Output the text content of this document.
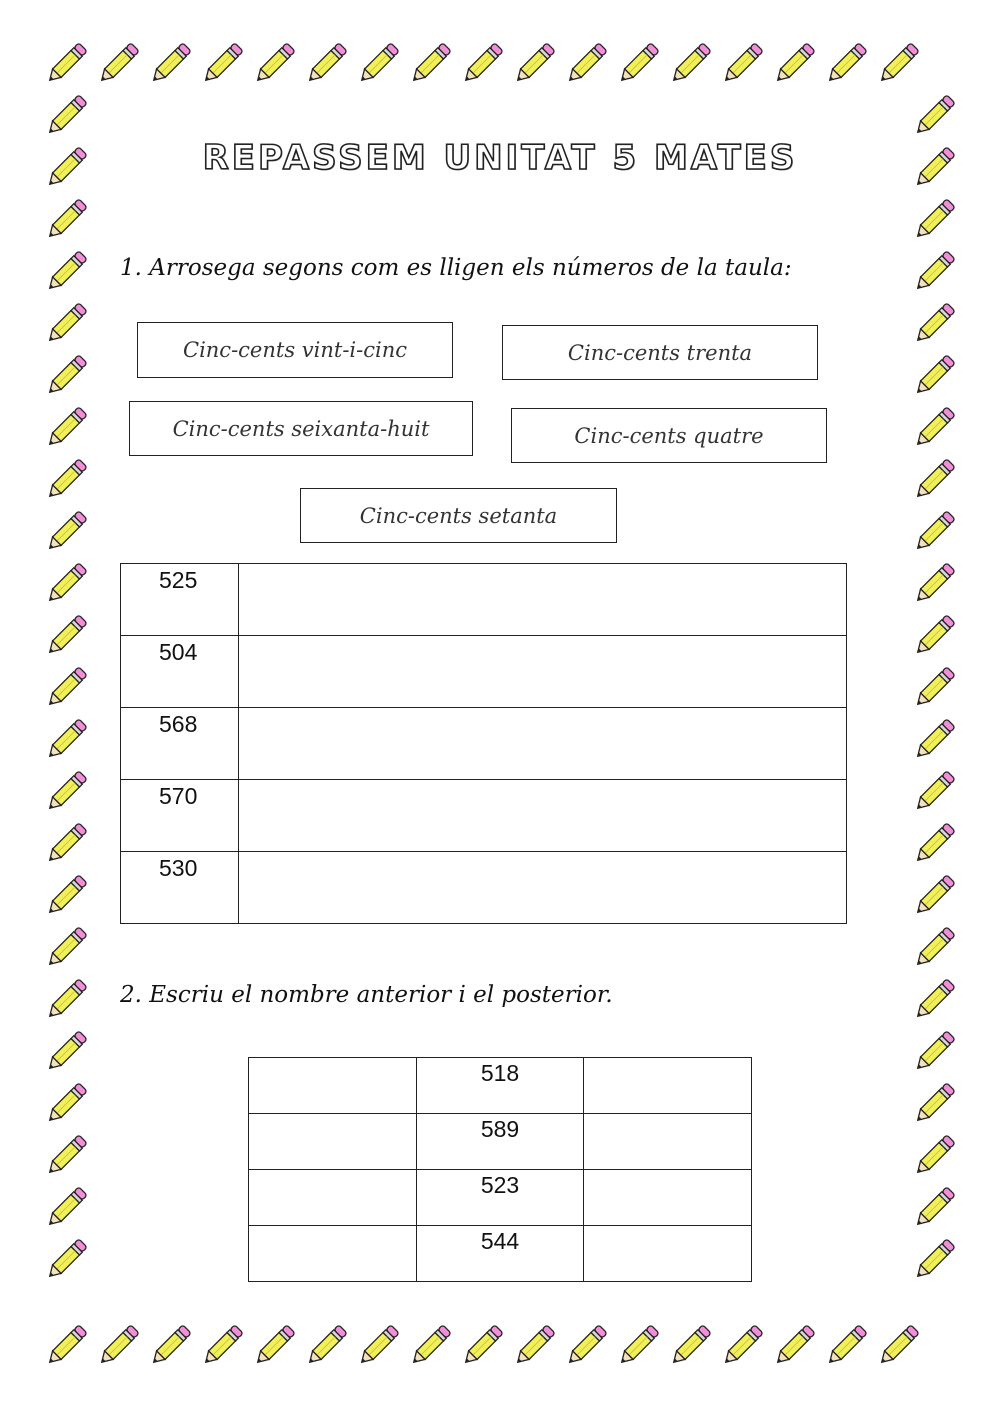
REPASSEM UNITAT 5 MATES
1. Arrosega segons com es lligen els números de la taula:
Cinc-cents vint-i-cinc	Cinc-cents trenta
Cinc-cents seixanta-huit	Cinc-cents quatre
Cinc-cents setanta
525	
504	
568	
570	
530	
2. Escriu el nombre anterior i el posterior.
	518	
	589	
	523	
	544	
